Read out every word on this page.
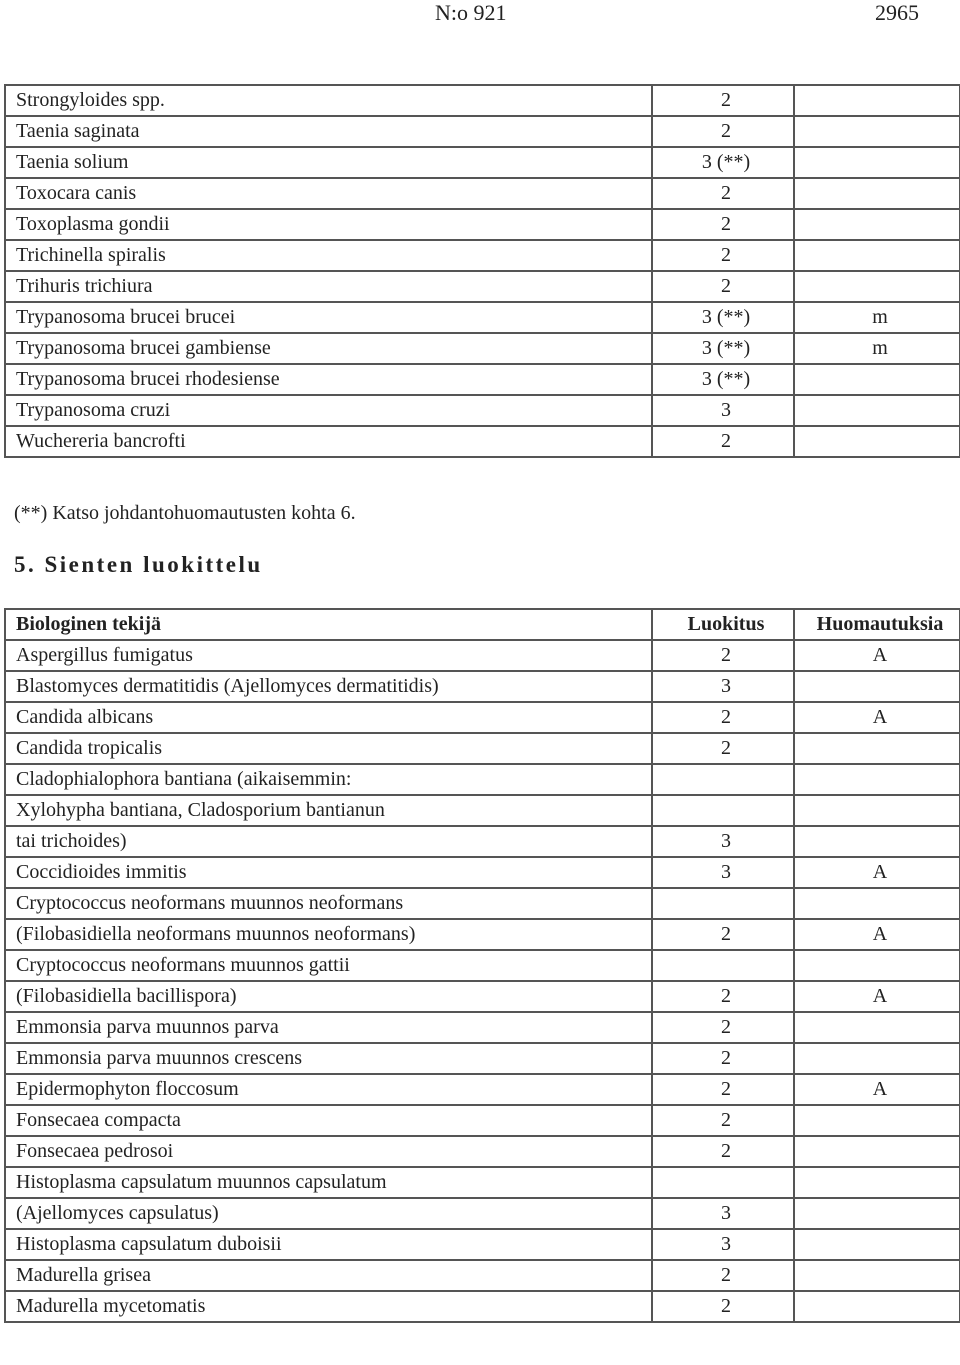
N:o 921	2965
Strongyloides spp.	2	
Taenia saginata	2	
Taenia solium	3 (**)	
Toxocara canis	2	
Toxoplasma gondii	2	
Trichinella spiralis	2	
Trihuris trichiura	2	
Trypanosoma brucei brucei	3 (**)	m
Trypanosoma brucei gambiense	3 (**)	m
Trypanosoma brucei rhodesiense	3 (**)	
Trypanosoma cruzi	3	
Wuchereria bancrofti	2	
(**) Katso johdantohuomautusten kohta 6.
5. Sienten luokittelu
Biologinen tekijä	Luokitus	Huomautuksia
Aspergillus fumigatus	2	A
Blastomyces dermatitidis (Ajellomyces dermatitidis)	3	
Candida albicans	2	A
Candida tropicalis	2	
Cladophialophora bantiana (aikaisemmin:		
Xylohypha bantiana, Cladosporium bantianun		
tai trichoides)	3	
Coccidioides immitis	3	A
Cryptococcus neoformans muunnos neoformans		
(Filobasidiella neoformans muunnos neoformans)	2	A
Cryptococcus neoformans muunnos gattii		
(Filobasidiella bacillispora)	2	A
Emmonsia parva muunnos parva	2	
Emmonsia parva muunnos crescens	2	
Epidermophyton floccosum	2	A
Fonsecaea compacta	2	
Fonsecaea pedrosoi	2	
Histoplasma capsulatum muunnos capsulatum		
(Ajellomyces capsulatus)	3	
Histoplasma capsulatum duboisii	3	
Madurella grisea	2	
Madurella mycetomatis	2	
